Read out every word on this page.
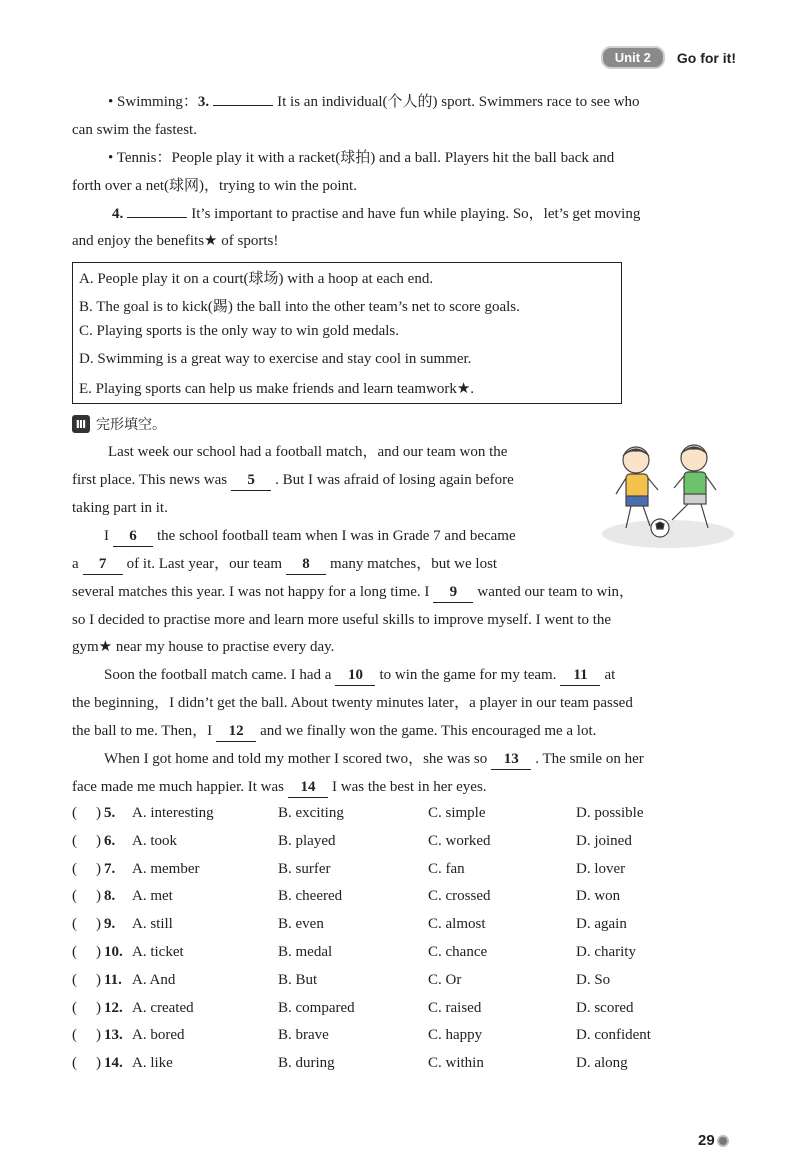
Unit 2	Go for it!
• Swimming：3.	It is an individual(个人的) sport. Swimmers race to see who
can swim the fastest.
• Tennis：People play it with a racket(球拍) and a ball. Players hit the ball back and
forth over a net(球网)，trying to win the point.
4.	It’s important to practise and have fun while playing. So，let’s get moving
and enjoy the benefits★ of sports!
A. People play it on a court(球场) with a hoop at each end.
B. The goal is to kick(踢) the ball into the other team’s net to score goals.
C. Playing sports is the only way to win gold medals.
D. Swimming is a great way to exercise and stay cool in summer.
E. Playing sports can help us make friends and learn teamwork★.
Ⅲ 完形填空。
Last week our school had a football match，and our team won the
first place. This news was 5 . But I was afraid of losing again before
taking part in it.
I 6 the school football team when I was in Grade 7 and became
a 7 of it. Last year，our team 8 many matches，but we lost
several matches this year. I was not happy for a long time. I 9 wanted our team to win，
so I decided to practise more and learn more useful skills to improve myself. I went to the
gym★ near my house to practise every day.
Soon the football match came. I had a 10 to win the game for my team. 11 at
the beginning，I didn’t get the ball. About twenty minutes later，a player in our team passed
the ball to me. Then，I 12 and we finally won the game. This encouraged me a lot.
When I got home and told my mother I scored two，she was so 13 . The smile on her
face made me much happier. It was 14 I was the best in her eyes.
( ) 5. A. interesting	B. exciting	C. simple	D. possible
( ) 6. A. took	B. played	C. worked	D. joined
( ) 7. A. member	B. surfer	C. fan	D. lover
( ) 8. A. met	B. cheered	C. crossed	D. won
( ) 9. A. still	B. even	C. almost	D. again
( ) 10. A. ticket	B. medal	C. chance	D. charity
( ) 11. A. And	B. But	C. Or	D. So
( ) 12. A. created	B. compared	C. raised	D. scored
( ) 13. A. bored	B. brave	C. happy	D. confident
( ) 14. A. like	B. during	C. within	D. along
29
